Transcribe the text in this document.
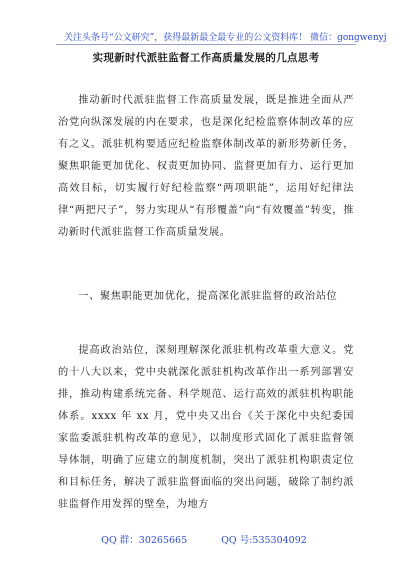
关注头条号“公文研究”，获得最新最全最专业的公文资料库！ 微信：gongwenyj
实现新时代派驻监督工作高质量发展的几点思考
推动新时代派驻监督工作高质量发展，既是推进全面从严治党向纵深发展的内在要求，也是深化纪检监察体制改革的应有之义。派驻机构要适应纪检监察体制改革的新形势新任务，聚焦职能更加优化、权责更加协同、监督更加有力、运行更加高效目标，切实履行好纪检监察“两项职能”，运用好纪律法律“两把尺子”，努力实现从“有形覆盖”向“有效覆盖”转变，推动新时代派驻监督工作高质量发展。
一、聚焦职能更加优化，提高深化派驻监督的政治站位
提高政治站位，深刻理解深化派驻机构改革重大意义。党的十八大以来，党中央就深化派驻机构改革作出一系列部署安排，推动构建系统完备、科学规范、运行高效的派驻机构职能体系。xxxx 年 xx 月，党中央又出台《关于深化中央纪委国家监委派驻机构改革的意见》，以制度形式固化了派驻监督领导体制，明确了应建立的制度机制，突出了派驻机构职责定位和目标任务，解决了派驻监督面临的突出问题，破除了制约派驻监督作用发挥的壁垒，为地方
QQ 群：30265665	QQ 号:535304092
